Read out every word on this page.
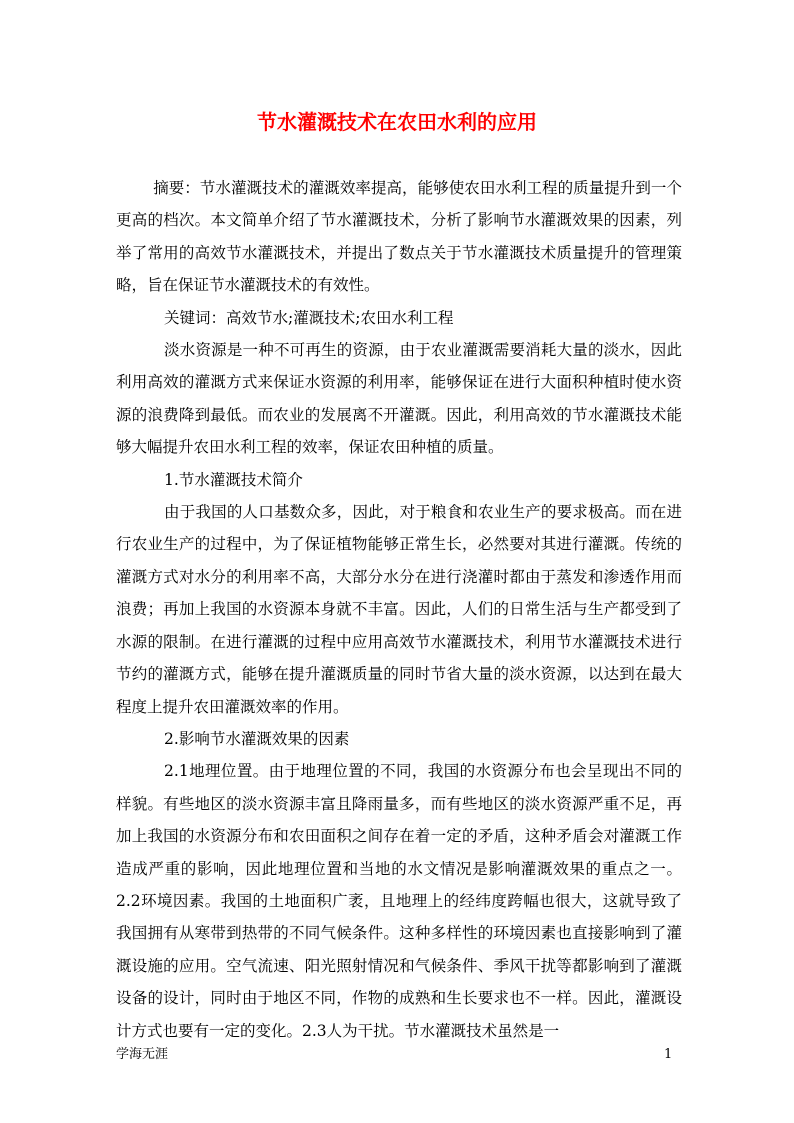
节水灌溉技术在农田水利的应用

摘要：节水灌溉技术的灌溉效率提高，能够使农田水利工程的质量提升到一个更高的档次。本文简单介绍了节水灌溉技术，分析了影响节水灌溉效果的因素，列举了常用的高效节水灌溉技术，并提出了数点关于节水灌溉技术质量提升的管理策略，旨在保证节水灌溉技术的有效性。

关键词：高效节水;灌溉技术;农田水利工程

淡水资源是一种不可再生的资源，由于农业灌溉需要消耗大量的淡水，因此利用高效的灌溉方式来保证水资源的利用率，能够保证在进行大面积种植时使水资源的浪费降到最低。而农业的发展离不开灌溉。因此，利用高效的节水灌溉技术能够大幅提升农田水利工程的效率，保证农田种植的质量。

1.节水灌溉技术简介

由于我国的人口基数众多，因此，对于粮食和农业生产的要求极高。而在进行农业生产的过程中，为了保证植物能够正常生长，必然要对其进行灌溉。传统的灌溉方式对水分的利用率不高，大部分水分在进行浇灌时都由于蒸发和渗透作用而浪费；再加上我国的水资源本身就不丰富。因此，人们的日常生活与生产都受到了水源的限制。在进行灌溉的过程中应用高效节水灌溉技术，利用节水灌溉技术进行节约的灌溉方式，能够在提升灌溉质量的同时节省大量的淡水资源，以达到在最大程度上提升农田灌溉效率的作用。

2.影响节水灌溉效果的因素

2.1地理位置。由于地理位置的不同，我国的水资源分布也会呈现出不同的样貌。有些地区的淡水资源丰富且降雨量多，而有些地区的淡水资源严重不足，再加上我国的水资源分布和农田面积之间存在着一定的矛盾，这种矛盾会对灌溉工作造成严重的影响，因此地理位置和当地的水文情况是影响灌溉效果的重点之一。2.2环境因素。我国的土地面积广袤，且地理上的经纬度跨幅也很大，这就导致了我国拥有从寒带到热带的不同气候条件。这种多样性的环境因素也直接影响到了灌溉设施的应用。空气流速、阳光照射情况和气候条件、季风干扰等都影响到了灌溉设备的设计，同时由于地区不同，作物的成熟和生长要求也不一样。因此，灌溉设计方式也要有一定的变化。2.3人为干扰。节水灌溉技术虽然是一

学海无涯	1
